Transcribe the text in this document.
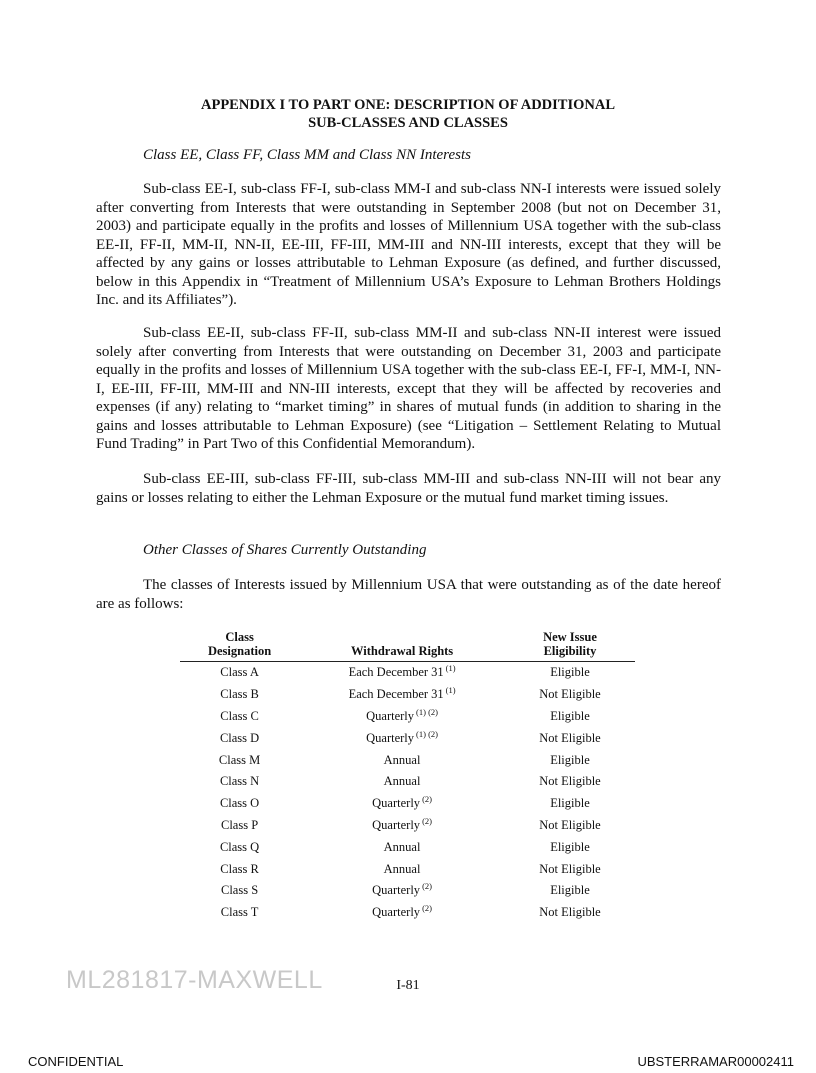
APPENDIX I TO PART ONE: DESCRIPTION OF ADDITIONAL
SUB-CLASSES AND CLASSES
Class EE, Class FF, Class MM and Class NN Interests

Sub-class EE-I, sub-class FF-I, sub-class MM-I and sub-class NN-I interests were issued solely after converting from Interests that were outstanding in September 2008 (but not on December 31, 2003) and participate equally in the profits and losses of Millennium USA together with the sub-class EE-II, FF-II, MM-II, NN-II, EE-III, FF-III, MM-III and NN-III interests, except that they will be affected by any gains or losses attributable to Lehman Exposure (as defined, and further discussed, below in this Appendix in “Treatment of Millennium USA’s Exposure to Lehman Brothers Holdings Inc. and its Affiliates”).

Sub-class EE-II, sub-class FF-II, sub-class MM-II and sub-class NN-II interest were issued solely after converting from Interests that were outstanding on December 31, 2003 and participate equally in the profits and losses of Millennium USA together with the sub-class EE-I, FF-I, MM-I, NN-I, EE-III, FF-III, MM-III and NN-III interests, except that they will be affected by recoveries and expenses (if any) relating to “market timing” in shares of mutual funds (in addition to sharing in the gains and losses attributable to Lehman Exposure) (see “Litigation – Settlement Relating to Mutual Fund Trading” in Part Two of this Confidential Memorandum).

Sub-class EE-III, sub-class FF-III, sub-class MM-III and sub-class NN-III will not bear any gains or losses relating to either the Lehman Exposure or the mutual fund market timing issues.

Other Classes of Shares Currently Outstanding

The classes of Interests issued by Millennium USA that were outstanding as of the date hereof are as follows:

Class
Designation	Withdrawal Rights	New Issue
Eligibility
Class A	Each December 31 $^{(1)}$	Eligible
Class B	Each December 31 $^{(1)}$	Not Eligible
Class C	Quarterly $^{(1) (2)}$	Eligible
Class D	Quarterly $^{(1) (2)}$	Not Eligible
Class M	Annual	Eligible
Class N	Annual	Not Eligible
Class O	Quarterly $^{(2)}$	Eligible
Class P	Quarterly $^{(2)}$	Not Eligible
Class Q	Annual	Eligible
Class R	Annual	Not Eligible
Class S	Quarterly $^{(2)}$	Eligible
Class T	Quarterly $^{(2)}$	Not Eligible
ML281817-MAXWELL	I-81
CONFIDENTIAL	UBSTERRAMAR00002411
